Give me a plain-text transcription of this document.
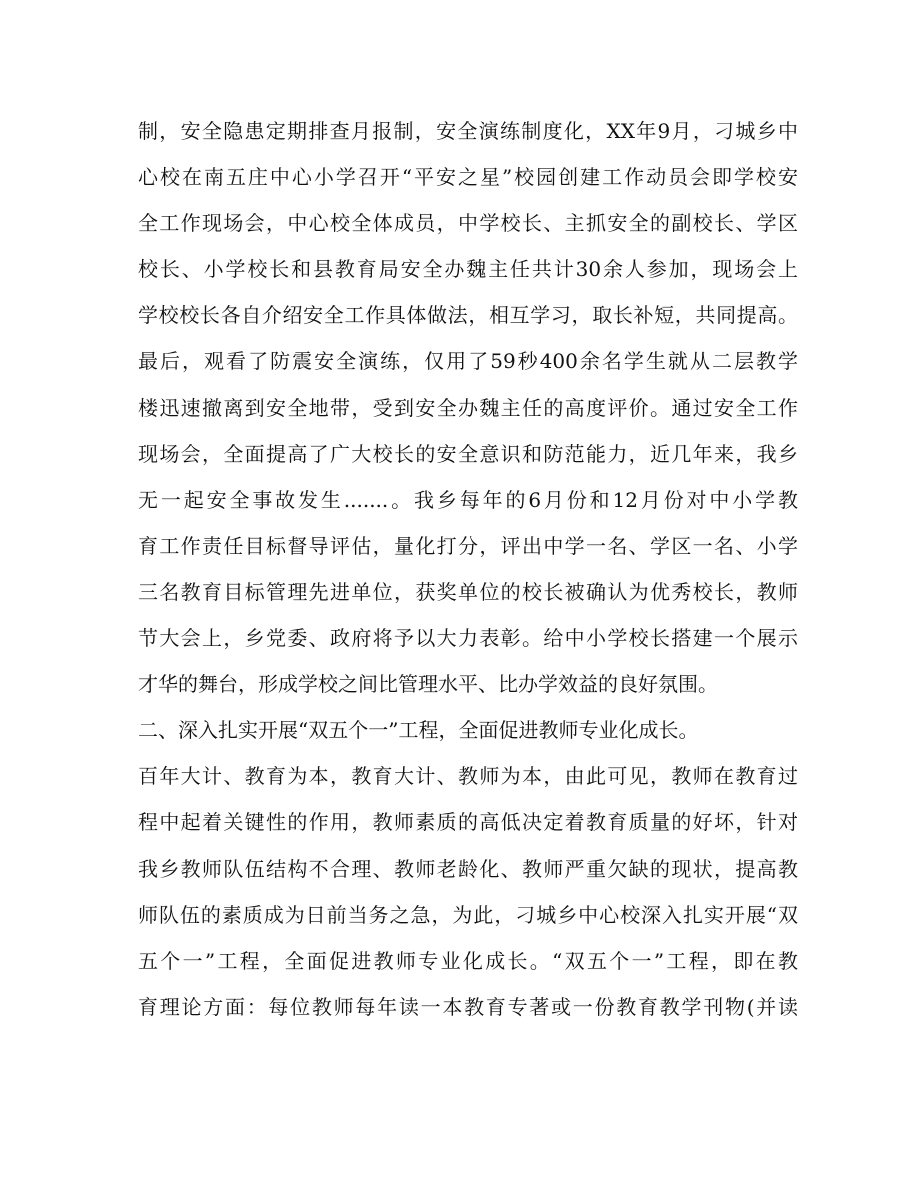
制，安全隐患定期排查月报制，安全演练制度化，XX年9月，刁城乡中
心校在南五庄中心小学召开“平安之星”校园创建工作动员会即学校安
全工作现场会，中心校全体成员，中学校长、主抓安全的副校长、学区
校长、小学校长和县教育局安全办魏主任共计30余人参加，现场会上
学校校长各自介绍安全工作具体做法，相互学习，取长补短，共同提高。
最后，观看了防震安全演练，仅用了59秒400余名学生就从二层教学
楼迅速撤离到安全地带，受到安全办魏主任的高度评价。通过安全工作
现场会，全面提高了广大校长的安全意识和防范能力，近几年来，我乡
无一起安全事故发生.......。我乡每年的6月份和12月份对中小学教
育工作责任目标督导评估，量化打分，评出中学一名、学区一名、小学
三名教育目标管理先进单位，获奖单位的校长被确认为优秀校长，教师
节大会上，乡党委、政府将予以大力表彰。给中小学校长搭建一个展示
才华的舞台，形成学校之间比管理水平、比办学效益的良好氛围。
二、深入扎实开展“双五个一”工程，全面促进教师专业化成长。
百年大计、教育为本，教育大计、教师为本，由此可见，教师在教育过
程中起着关键性的作用，教师素质的高低决定着教育质量的好坏，针对
我乡教师队伍结构不合理、教师老龄化、教师严重欠缺的现状，提高教
师队伍的素质成为日前当务之急，为此，刁城乡中心校深入扎实开展“双
五个一”工程，全面促进教师专业化成长。“双五个一”工程，即在教
育理论方面：每位教师每年读一本教育专著或一份教育教学刊物(并读
